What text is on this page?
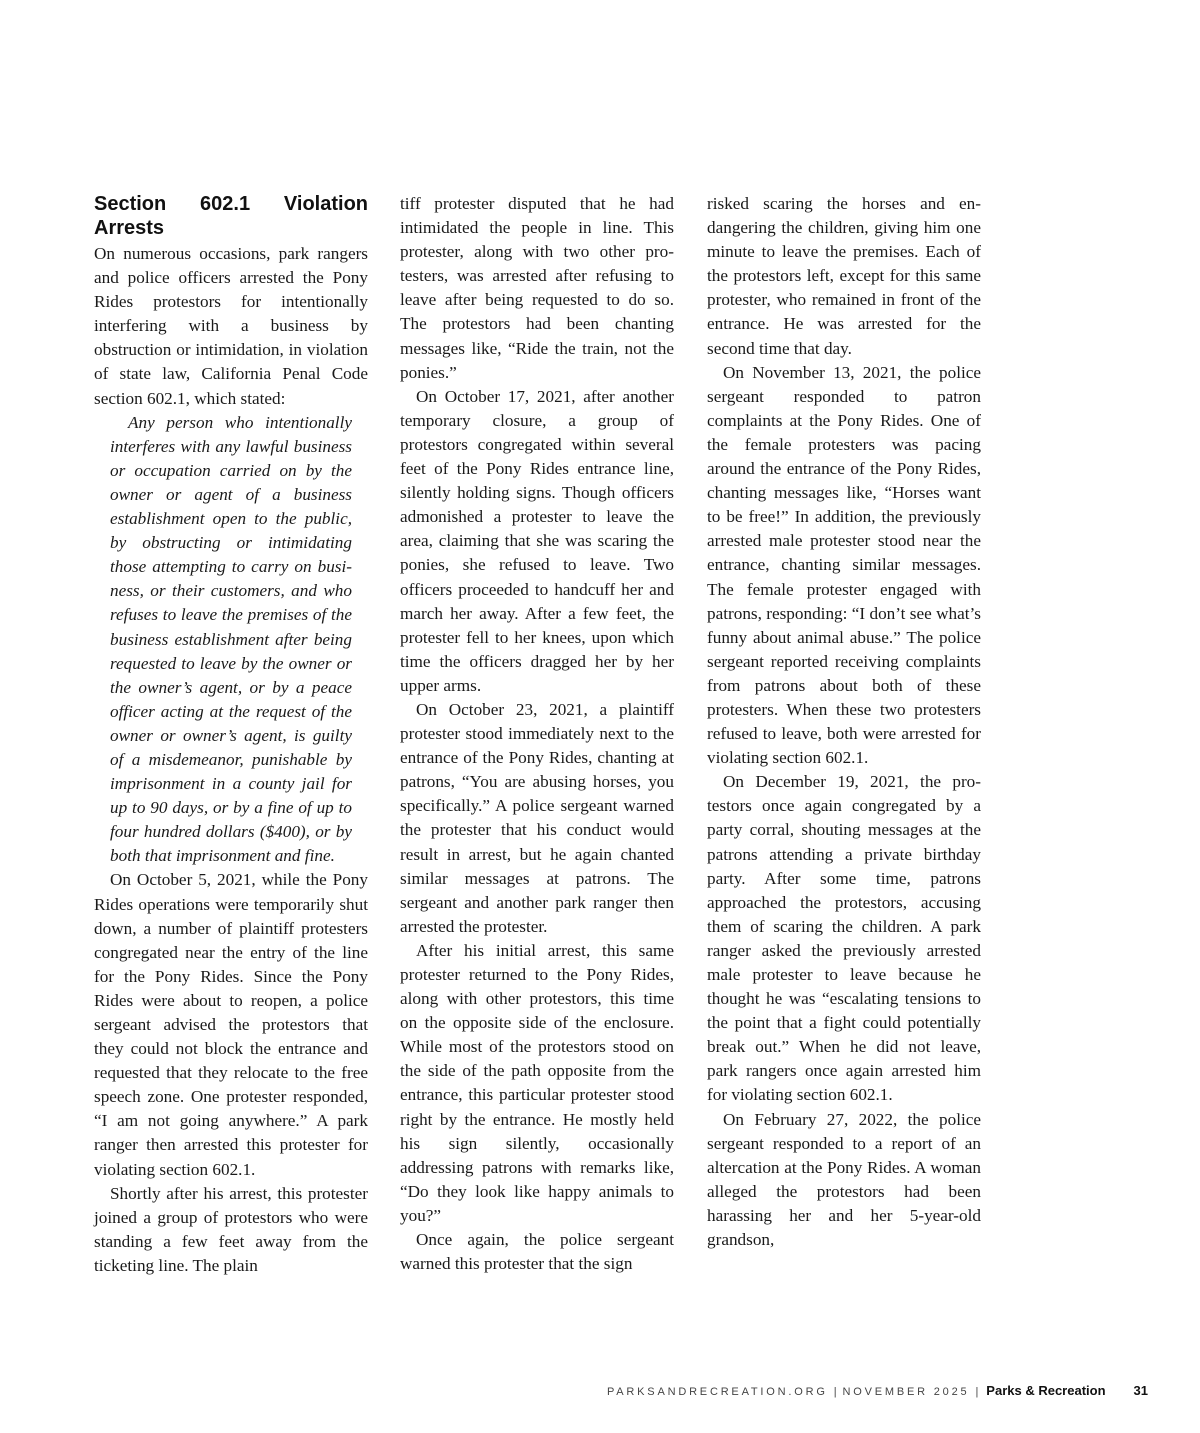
Section 602.1 Violation Arrests

On numerous occasions, park rangers and police officers arrested the Pony Rides protestors for intentionally interfering with a business by obstruction or intimidation, in violation of state law, California Penal Code section 602.1, which stated:

Any person who intentionally interferes with any lawful business or occupation carried on by the owner or agent of a business establishment open to the public, by obstructing or intimidating those attempting to carry on business, or their customers, and who refuses to leave the premises of the business establishment after being requested to leave by the owner or the owner’s agent, or by a peace officer acting at the request of the owner or owner’s agent, is guilty of a misdemeanor, punishable by imprisonment in a county jail for up to 90 days, or by a fine of up to four hundred dollars ($400), or by both that imprisonment and fine.

On October 5, 2021, while the Pony Rides operations were temporarily shut down, a number of plaintiff protesters congregated near the entry of the line for the Pony Rides. Since the Pony Rides were about to reopen, a police sergeant advised the protestors that they could not block the entrance and requested that they relocate to the free speech zone. One protester responded, “I am not going anywhere.” A park ranger then arrested this protester for violating section 602.1.

Shortly after his arrest, this protester joined a group of protestors who were standing a few feet away from the ticketing line. The plain

tiff protester disputed that he had intimidated the people in line. This protester, along with two other protesters, was arrested after refusing to leave after being requested to do so. The protestors had been chanting messages like, “Ride the train, not the ponies.”

On October 17, 2021, after another temporary closure, a group of protestors congregated within several feet of the Pony Rides entrance line, silently holding signs. Though officers admonished a protester to leave the area, claiming that she was scaring the ponies, she refused to leave. Two officers proceeded to handcuff her and march her away. After a few feet, the protester fell to her knees, upon which time the officers dragged her by her upper arms.

On October 23, 2021, a plaintiff protester stood immediately next to the entrance of the Pony Rides, chanting at patrons, “You are abusing horses, you specifically.” A police sergeant warned the protester that his conduct would result in arrest, but he again chanted similar messages at patrons. The sergeant and another park ranger then arrested the protester.

After his initial arrest, this same protester returned to the Pony Rides, along with other protestors, this time on the opposite side of the enclosure. While most of the protestors stood on the side of the path opposite from the entrance, this particular protester stood right by the entrance. He mostly held his sign silently, occasionally addressing patrons with remarks like, “Do they look like happy animals to you?”

Once again, the police sergeant warned this protester that the sign

risked scaring the horses and endangering the children, giving him one minute to leave the premises. Each of the protestors left, except for this same protester, who remained in front of the entrance. He was arrested for the second time that day.

On November 13, 2021, the police sergeant responded to patron complaints at the Pony Rides. One of the female protesters was pacing around the entrance of the Pony Rides, chanting messages like, “Horses want to be free!” In addition, the previously arrested male protester stood near the entrance, chanting similar messages. The female protester engaged with patrons, responding: “I don’t see what’s funny about animal abuse.” The police sergeant reported receiving complaints from patrons about both of these protesters. When these two protesters refused to leave, both were arrested for violating section 602.1.

On December 19, 2021, the protestors once again congregated by a party corral, shouting messages at the patrons attending a private birthday party. After some time, patrons approached the protestors, accusing them of scaring the children. A park ranger asked the previously arrested male protester to leave because he thought he was “escalating tensions to the point that a fight could potentially break out.” When he did not leave, park rangers once again arrested him for violating section 602.1.

On February 27, 2022, the police sergeant responded to a report of an altercation at the Pony Rides. A woman alleged the protestors had been harassing her and her 5-year-old grandson,

PARKSANDRECREATION.ORG | NOVEMBER 2025 | Parks & Recreation 31
